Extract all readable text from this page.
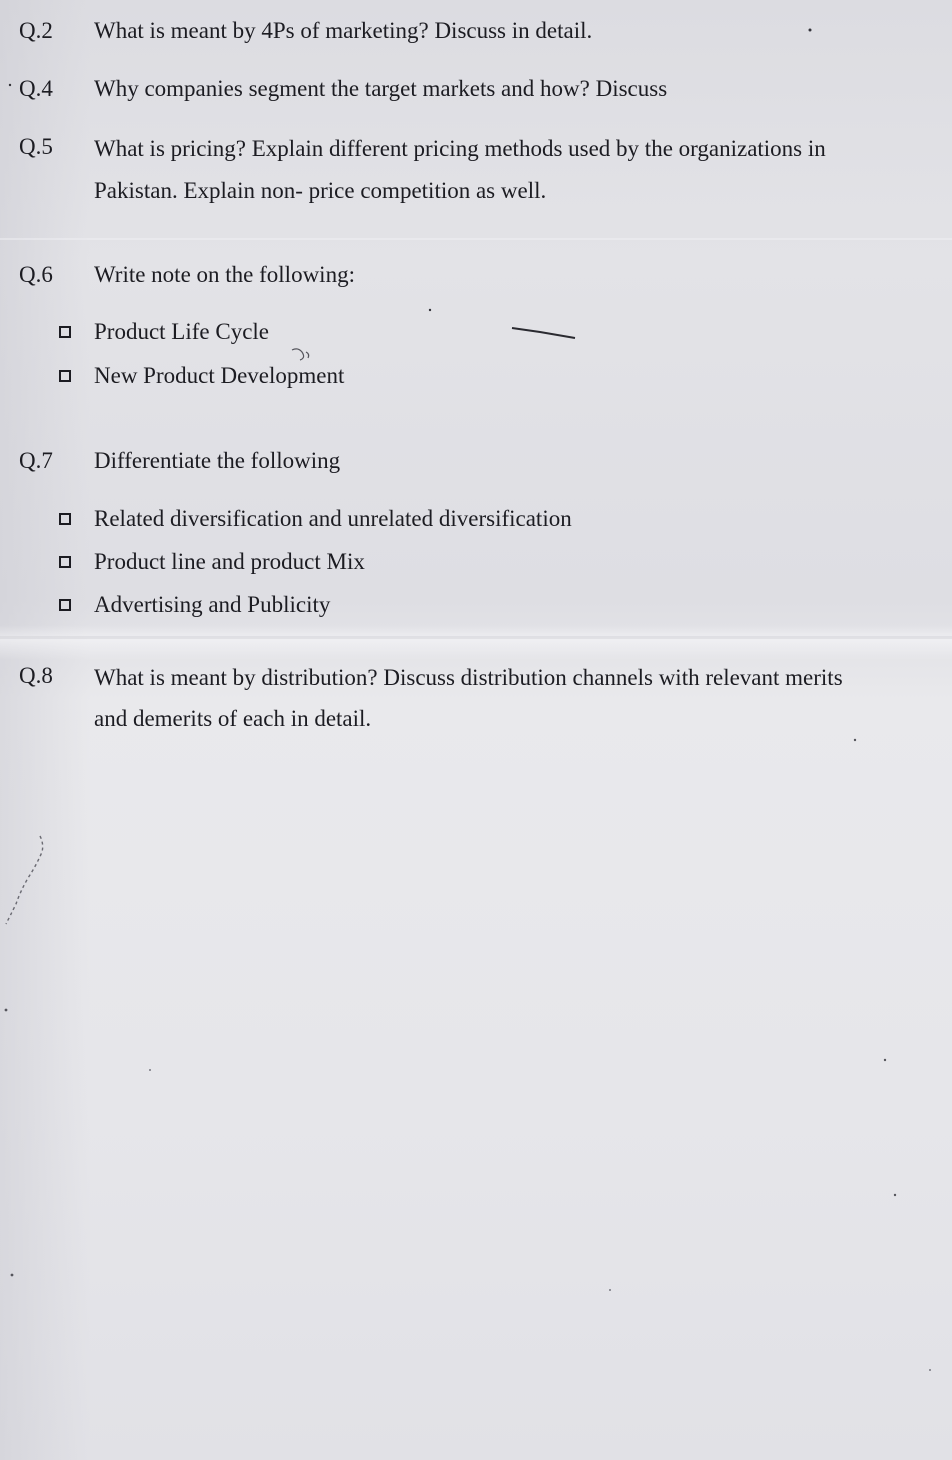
Q.2 What is meant by 4Ps of marketing? Discuss in detail.
Q.4 Why companies segment the target markets and how? Discuss
Q.5 What is pricing? Explain different pricing methods used by the organizations in
Pakistan. Explain non- price competition as well.
Q.6 Write note on the following:
Product Life Cycle
New Product Development
Q.7 Differentiate the following
Related diversification and unrelated diversification
Product line and product Mix
Advertising and Publicity
Q.8 What is meant by distribution? Discuss distribution channels with relevant merits
and demerits of each in detail.
